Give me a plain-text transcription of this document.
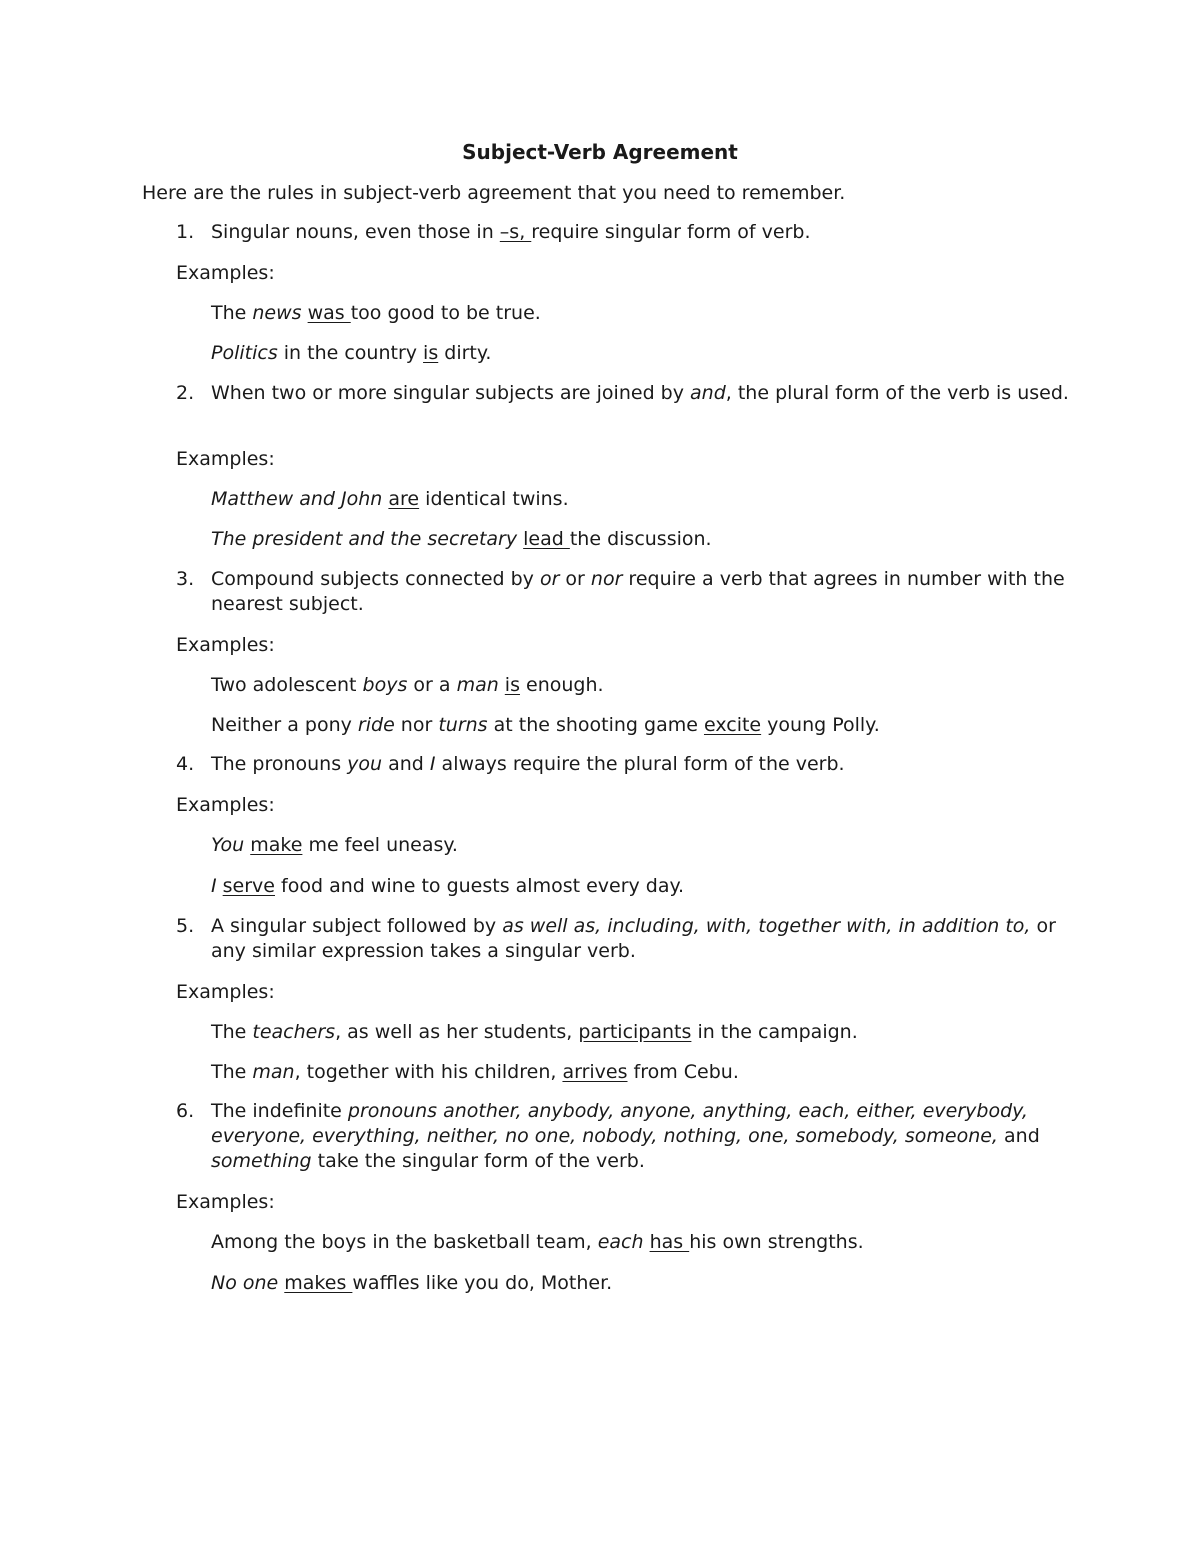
Subject-Verb Agreement
Here are the rules in subject-verb agreement that you need to remember.
1. Singular nouns, even those in –s, require singular form of verb.
Examples:
The news was too good to be true.
Politics in the country is dirty.
2. When two or more singular subjects are joined by and, the plural form of the verb is used.
Examples:
Matthew and John are identical twins.
The president and the secretary lead the discussion.
3. Compound subjects connected by or or nor require a verb that agrees in number with the nearest subject.
Examples:
Two adolescent boys or a man is enough.
Neither a pony ride nor turns at the shooting game excite young Polly.
4. The pronouns you and I always require the plural form of the verb.
Examples:
You make me feel uneasy.
I serve food and wine to guests almost every day.
5. A singular subject followed by as well as, including, with, together with, in addition to, or any similar expression takes a singular verb.
Examples:
The teachers, as well as her students, participants in the campaign.
The man, together with his children, arrives from Cebu.
6. The indefinite pronouns another, anybody, anyone, anything, each, either, everybody, everyone, everything, neither, no one, nobody, nothing, one, somebody, someone, and something take the singular form of the verb.
Examples:
Among the boys in the basketball team, each has his own strengths.
No one makes waffles like you do, Mother.
